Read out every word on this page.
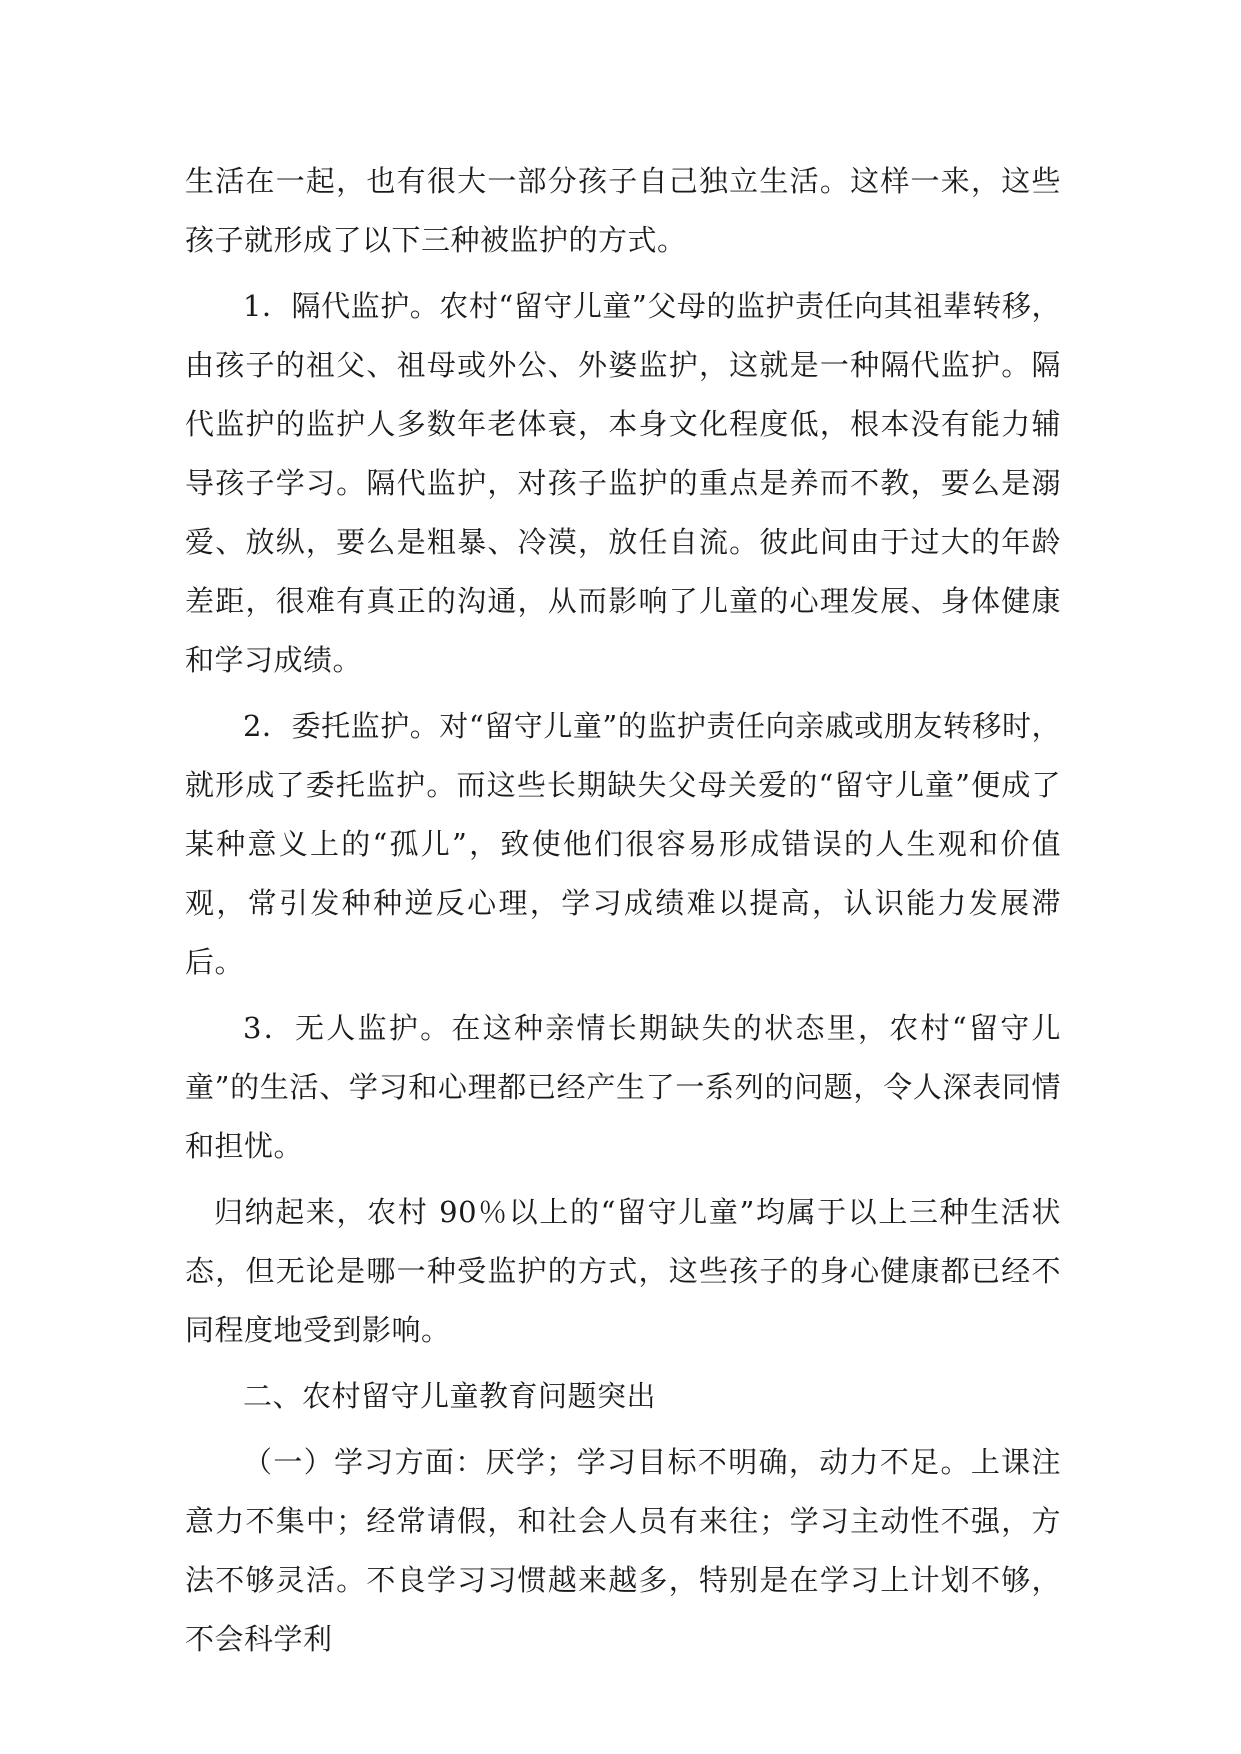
生活在一起，也有很大一部分孩子自己独立生活。这样一来，这些孩子就形成了以下三种被监护的方式。

1．隔代监护。农村“留守儿童”父母的监护责任向其祖辈转移，由孩子的祖父、祖母或外公、外婆监护，这就是一种隔代监护。隔代监护的监护人多数年老体衰，本身文化程度低，根本没有能力辅导孩子学习。隔代监护，对孩子监护的重点是养而不教，要么是溺爱、放纵，要么是粗暴、冷漠，放任自流。彼此间由于过大的年龄差距，很难有真正的沟通，从而影响了儿童的心理发展、身体健康和学习成绩。

2．委托监护。对“留守儿童”的监护责任向亲戚或朋友转移时，就形成了委托监护。而这些长期缺失父母关爱的“留守儿童”便成了某种意义上的“孤儿”，致使他们很容易形成错误的人生观和价值观，常引发种种逆反心理，学习成绩难以提高，认识能力发展滞后。

3．无人监护。在这种亲情长期缺失的状态里，农村“留守儿童”的生活、学习和心理都已经产生了一系列的问题，令人深表同情和担忧。

归纳起来，农村 90％以上的“留守儿童”均属于以上三种生活状态，但无论是哪一种受监护的方式，这些孩子的身心健康都已经不同程度地受到影响。

二、农村留守儿童教育问题突出

（一）学习方面：厌学；学习目标不明确，动力不足。上课注意力不集中；经常请假，和社会人员有来往；学习主动性不强，方法不够灵活。不良学习习惯越来越多，特别是在学习上计划不够，不会科学利
